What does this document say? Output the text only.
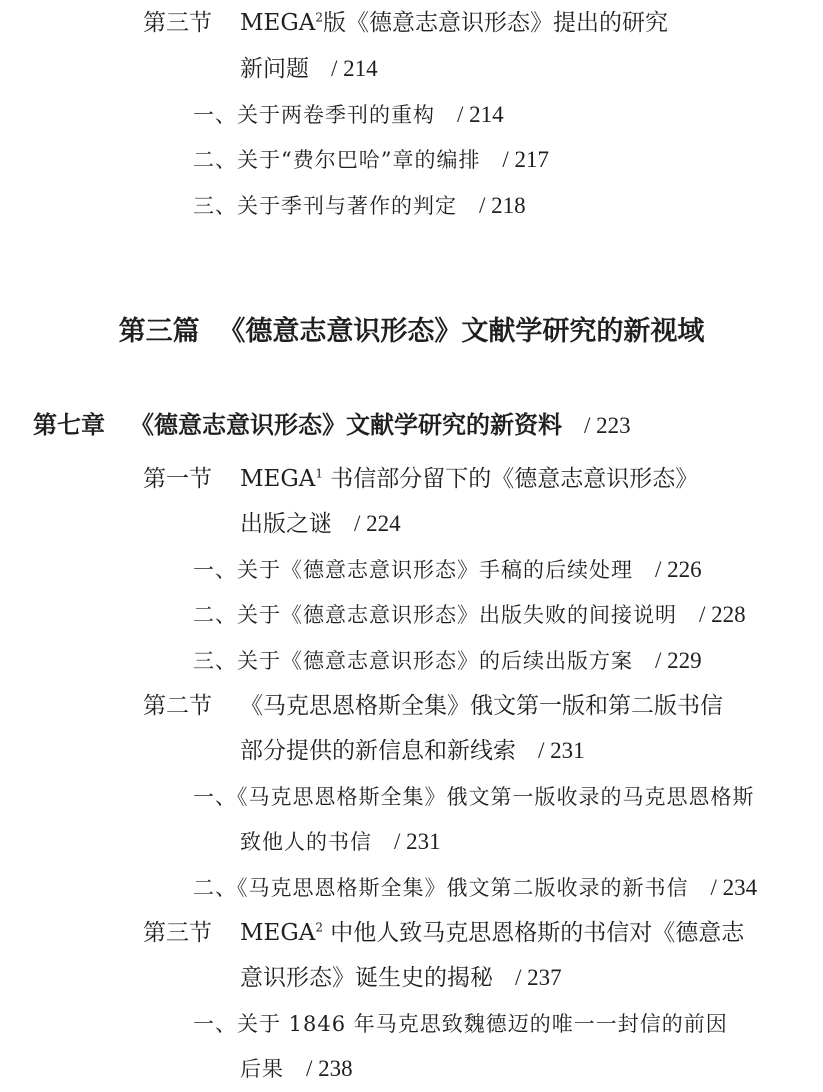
第三节 MEGA$^2$版《德意志意识形态》提出的研究
新问题 / 214
一、关于两卷季刊的重构 / 214
二、关于“费尔巴哈”章的编排 / 217
三、关于季刊与著作的判定 / 218
第三篇 《德意志意识形态》文献学研究的新视域
第七章 《德意志意识形态》文献学研究的新资料 / 223
第一节 MEGA$^1$ 书信部分留下的《德意志意识形态》
出版之谜 / 224
一、关于《德意志意识形态》手稿的后续处理 / 226
二、关于《德意志意识形态》出版失败的间接说明 / 228
三、关于《德意志意识形态》的后续出版方案 / 229
第二节 《马克思恩格斯全集》俄文第一版和第二版书信
部分提供的新信息和新线索 / 231
一、《马克思恩格斯全集》俄文第一版收录的马克思恩格斯
致他人的书信 / 231
二、《马克思恩格斯全集》俄文第二版收录的新书信 / 234
第三节 MEGA$^2$ 中他人致马克思恩格斯的书信对《德意志
意识形态》诞生史的揭秘 / 237
一、关于 1846 年马克思致魏德迈的唯一一封信的前因
后果 / 238
